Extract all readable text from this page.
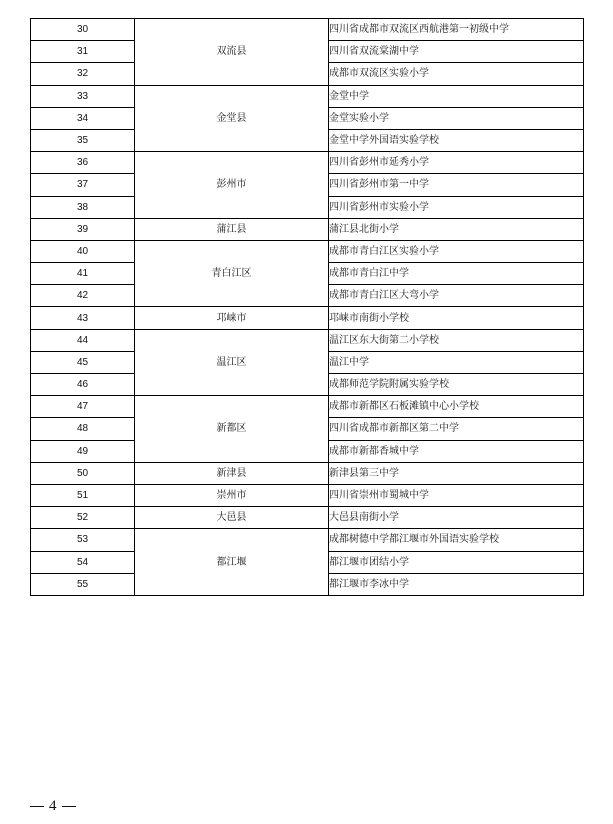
30	双流县	四川省成都市双流区西航港第一初级中学
31		四川省双流棠湖中学
32		成都市双流区实验小学
33	金堂县	金堂中学
34		金堂实验小学
35		金堂中学外国语实验学校
36	彭州市	四川省彭州市延秀小学
37		四川省彭州市第一中学
38		四川省彭州市实验小学
39	蒲江县	蒲江县北街小学
40	青白江区	成都市青白江区实验小学
41		成都市青白江中学
42		成都市青白江区大弯小学
43	邛崃市	邛崃市南街小学校
44	温江区	温江区东大街第二小学校
45		温江中学
46		成都师范学院附属实验学校
47	新都区	成都市新都区石板滩镇中心小学校
48		四川省成都市新都区第二中学
49		成都市新都香城中学
50	新津县	新津县第三中学
51	崇州市	四川省崇州市蜀城中学
52	大邑县	大邑县南街小学
53	都江堰	成都树德中学都江堰市外国语实验学校
54		都江堰市团结小学
55		都江堰市李冰中学
4
